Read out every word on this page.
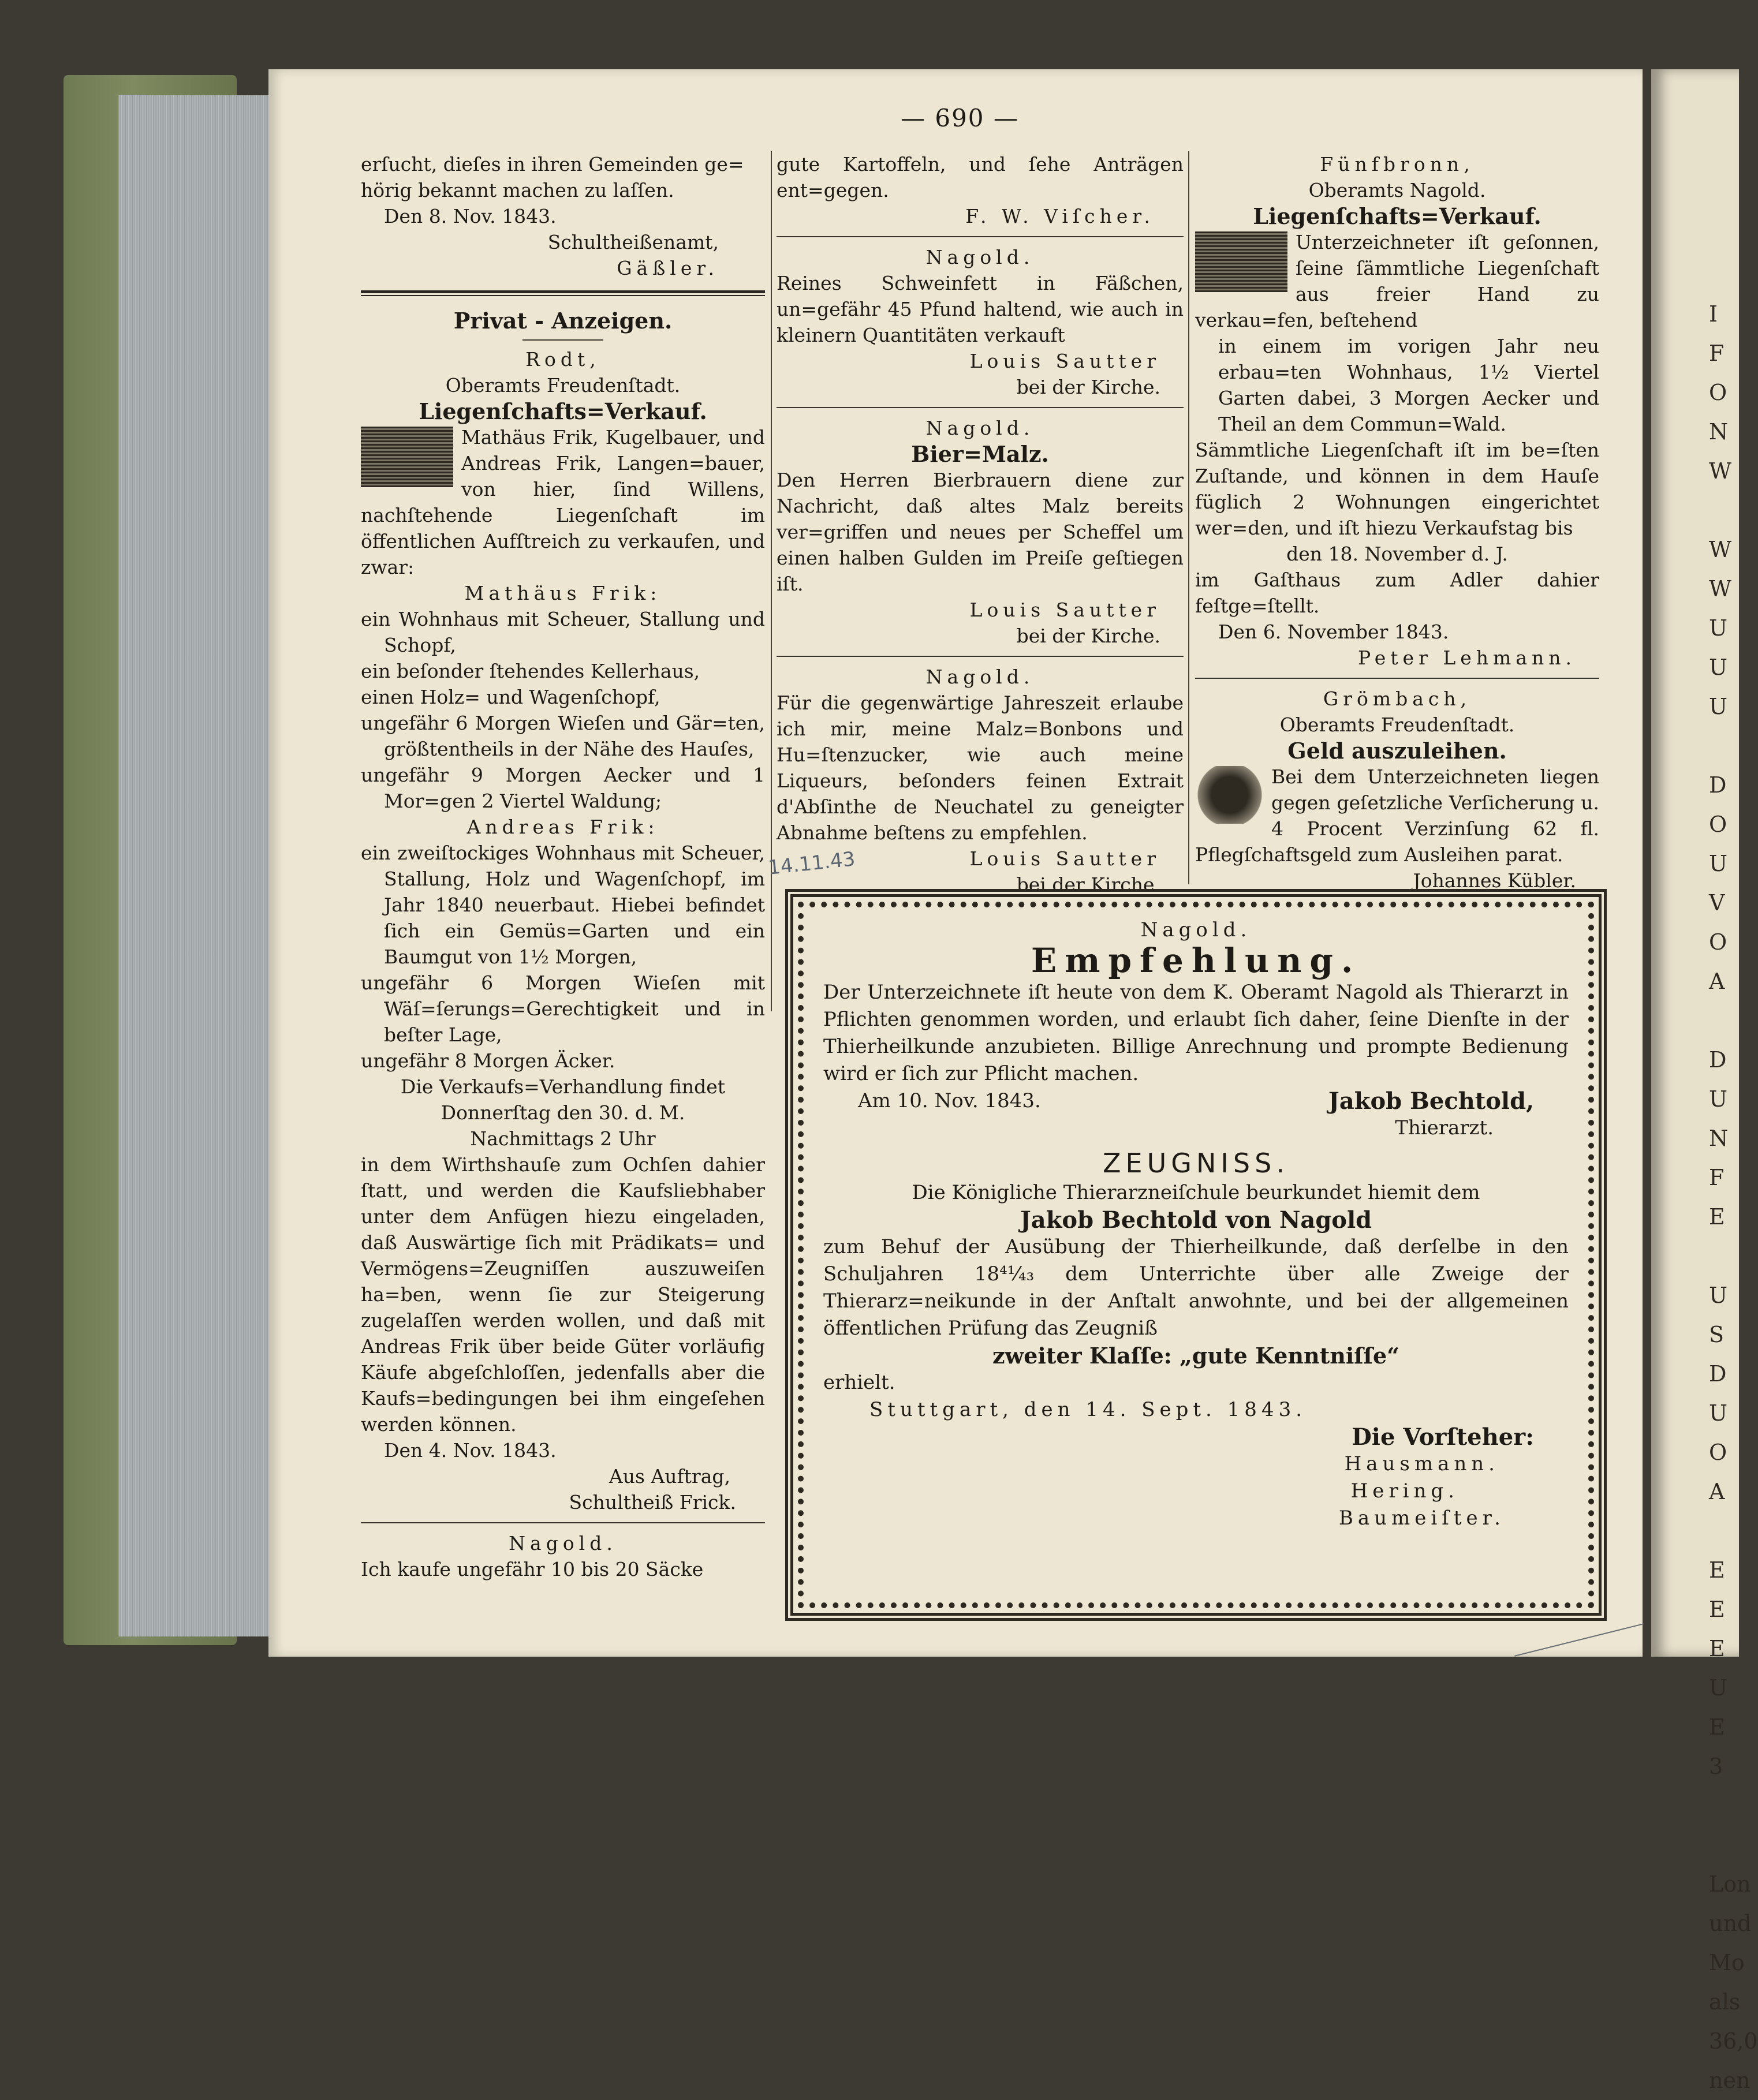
I
F
O
N
W

W
W
U
U
U

D
O
U
V
O
A

D
U
N
F
E

U
S
D
U
O
A

E
E
E
U
E
3

Lon
und
Mo
als
36,0
nen
— 690 —
erſucht, dieſes in ihren Gemeinden ge=
hörig bekannt machen zu laſſen.
Den 8. Nov. 1843.
Schultheißenamt,
Gäßler.
Privat - Anzeigen.
Rodt,
Oberamts Freudenſtadt.
Liegenſchafts=Verkauf.
Mathäus Frik, Kugelbauer, und Andreas Frik, Langen=bauer, von hier, ſind Willens, nachſtehende Liegenſchaft im öffentlichen Aufſtreich zu verkaufen, und zwar:
Mathäus Frik:
ein Wohnhaus mit Scheuer, Stallung und Schopf,
ein beſonder ſtehendes Kellerhaus,
einen Holz= und Wagenſchopf,
ungefähr 6 Morgen Wieſen und Gär=ten, größtentheils in der Nähe des Hauſes,
ungefähr 9 Morgen Aecker und 1 Mor=gen 2 Viertel Waldung;
Andreas Frik:
ein zweiſtockiges Wohnhaus mit Scheuer, Stallung, Holz und Wagenſchopf, im Jahr 1840 neuerbaut. Hiebei befindet ſich ein Gemüs=Garten und ein Baumgut von 1½ Morgen,
ungefähr 6 Morgen Wieſen mit Wäſ=ſerungs=Gerechtigkeit und in beſter Lage,
ungefähr 8 Morgen Äcker.
Die Verkaufs=Verhandlung findet
Donnerſtag den 30. d. M.
Nachmittags 2 Uhr
in dem Wirthshauſe zum Ochſen dahier ſtatt, und werden die Kaufsliebhaber unter dem Anfügen hiezu eingeladen, daß Auswärtige ſich mit Prädikats= und Vermögens=Zeugniſſen auszuweiſen ha=ben, wenn ſie zur Steigerung zugelaſſen werden wollen, und daß mit Andreas Frik über beide Güter vorläufig Käufe abgeſchloſſen, jedenfalls aber die Kaufs=bedingungen bei ihm eingeſehen werden können.
Den 4. Nov. 1843.
Aus Auftrag,
Schultheiß Frick.
Nagold.
Ich kaufe ungefähr 10 bis 20 Säcke
gute Kartoffeln, und ſehe Anträgen ent=gegen.
F. W. Viſcher.
Nagold.
Reines Schweinfett in Fäßchen, un=gefähr 45 Pfund haltend, wie auch in kleinern Quantitäten verkauft
Louis Sautter
bei der Kirche.
Nagold.
Bier=Malz.
Den Herren Bierbrauern diene zur Nachricht, daß altes Malz bereits ver=griffen und neues per Scheffel um einen halben Gulden im Preiſe geſtiegen iſt.
Louis Sautter
bei der Kirche.
Nagold.
Für die gegenwärtige Jahreszeit erlaube ich mir, meine Malz=Bonbons und Hu=ſtenzucker, wie auch meine Liqueurs, beſonders feinen Extrait d'Abſinthe de Neuchatel zu geneigter Abnahme beſtens zu empfehlen.
Louis Sautter
bei der Kirche.
Fünfbronn,
Oberamts Nagold.
Liegenſchafts=Verkauf.
Unterzeichneter iſt geſonnen, ſeine ſämmtliche Liegenſchaft aus freier Hand zu verkau=fen, beſtehend
in einem im vorigen Jahr neu erbau=ten Wohnhaus, 1½ Viertel Garten dabei, 3 Morgen Aecker und Theil an dem Commun=Wald.
Sämmtliche Liegenſchaft iſt im be=ſten Zuſtande, und können in dem Hauſe füglich 2 Wohnungen eingerichtet wer=den, und iſt hiezu Verkaufstag bis
den 18. November d. J.
im Gaſthaus zum Adler dahier feſtge=ſtellt.
Den 6. November 1843.
Peter Lehmann.
Grömbach,
Oberamts Freudenſtadt.
Geld auszuleihen.
Bei dem Unterzeichneten liegen gegen geſetzliche Verſicherung u. 4 Procent Verzinſung 62 fl. Pflegſchaftsgeld zum Ausleihen parat.
Johannes Kübler.
14.11.43
Nagold.
Empfehlung.
Der Unterzeichnete iſt heute von dem K. Oberamt Nagold als Thierarzt in Pflichten genommen worden, und erlaubt ſich daher, ſeine Dienſte in der Thierheilkunde anzubieten. Billige Anrechnung und prompte Bedienung wird er ſich zur Pflicht machen.
Am 10. Nov. 1843.	Jakob Bechtold,
Thierarzt.
ZEUGNISS.
Die Königliche Thierarzneiſchule beurkundet hiemit dem
Jakob Bechtold von Nagold
zum Behuf der Ausübung der Thierheilkunde, daß derſelbe in den Schuljahren 18⁴¹⁄₄₃ dem Unterrichte über alle Zweige der Thierarz=neikunde in der Anſtalt anwohnte, und bei der allgemeinen öffentlichen Prüfung das Zeugniß
zweiter Klaſſe: „gute Kenntniſſe“
erhielt.
Stuttgart, den 14. Sept. 1843.
Die Vorſteher:
Hausmann.
Hering.
Baumeiſter.
